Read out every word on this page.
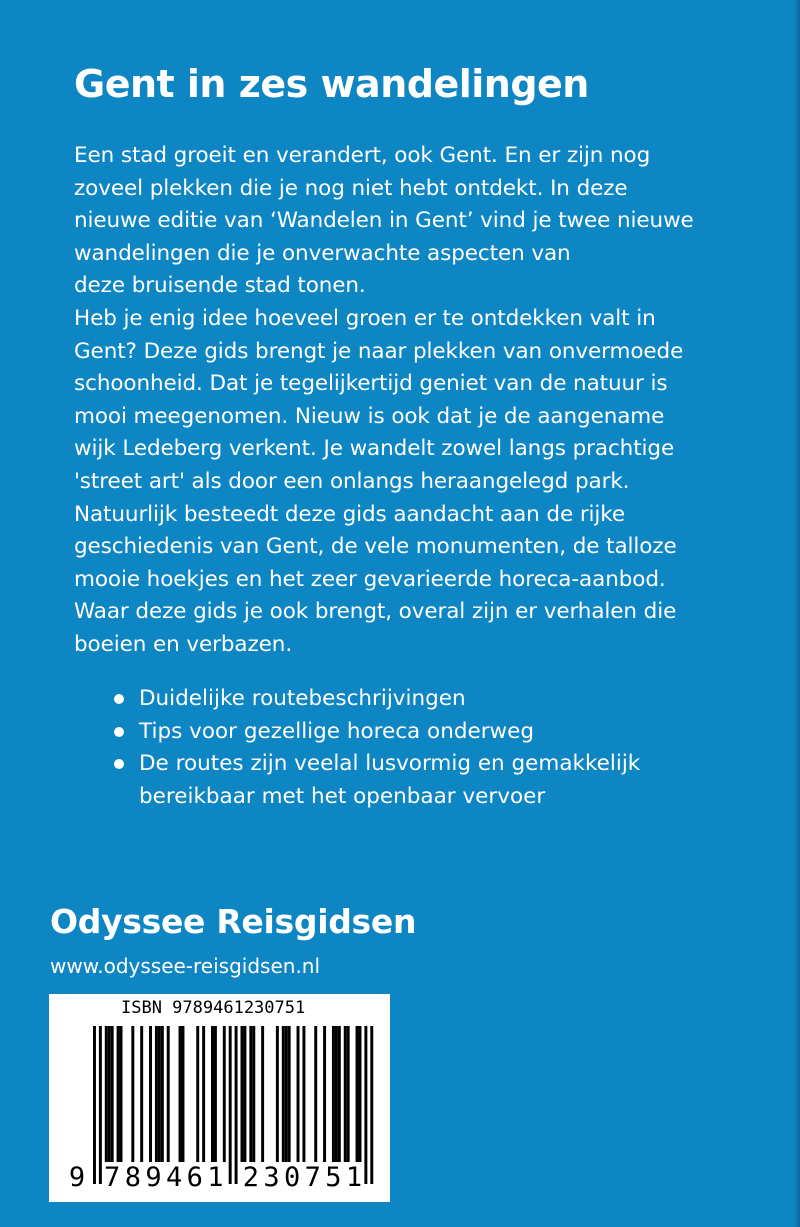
Gent in zes wandelingen
Een stad groeit en verandert, ook Gent. En er zijn nog
zoveel plekken die je nog niet hebt ontdekt. In deze
nieuwe editie van ‘Wandelen in Gent’ vind je twee nieuwe
wandelingen die je onverwachte aspecten van
deze bruisende stad tonen.
Heb je enig idee hoeveel groen er te ontdekken valt in
Gent? Deze gids brengt je naar plekken van onvermoede
schoonheid. Dat je tegelijkertijd geniet van de natuur is
mooi meegenomen. Nieuw is ook dat je de aangename
wijk Ledeberg verkent. Je wandelt zowel langs prachtige
'street art' als door een onlangs heraangelegd park.
Natuurlijk besteedt deze gids aandacht aan de rijke
geschiedenis van Gent, de vele monumenten, de talloze
mooie hoekjes en het zeer gevarieerde horeca-aanbod.
Waar deze gids je ook brengt, overal zijn er verhalen die
boeien en verbazen.
Duidelijke routebeschrijvingen
Tips voor gezellige horeca onderweg
De routes zijn veelal lusvormig en gemakkelijk
bereikbaar met het openbaar vervoer
Odyssee Reisgidsen
www.odyssee-reisgidsen.nl
ISBN 9789461230751
9 7 8 9 4 6 1 2 3 0 7 5 1
